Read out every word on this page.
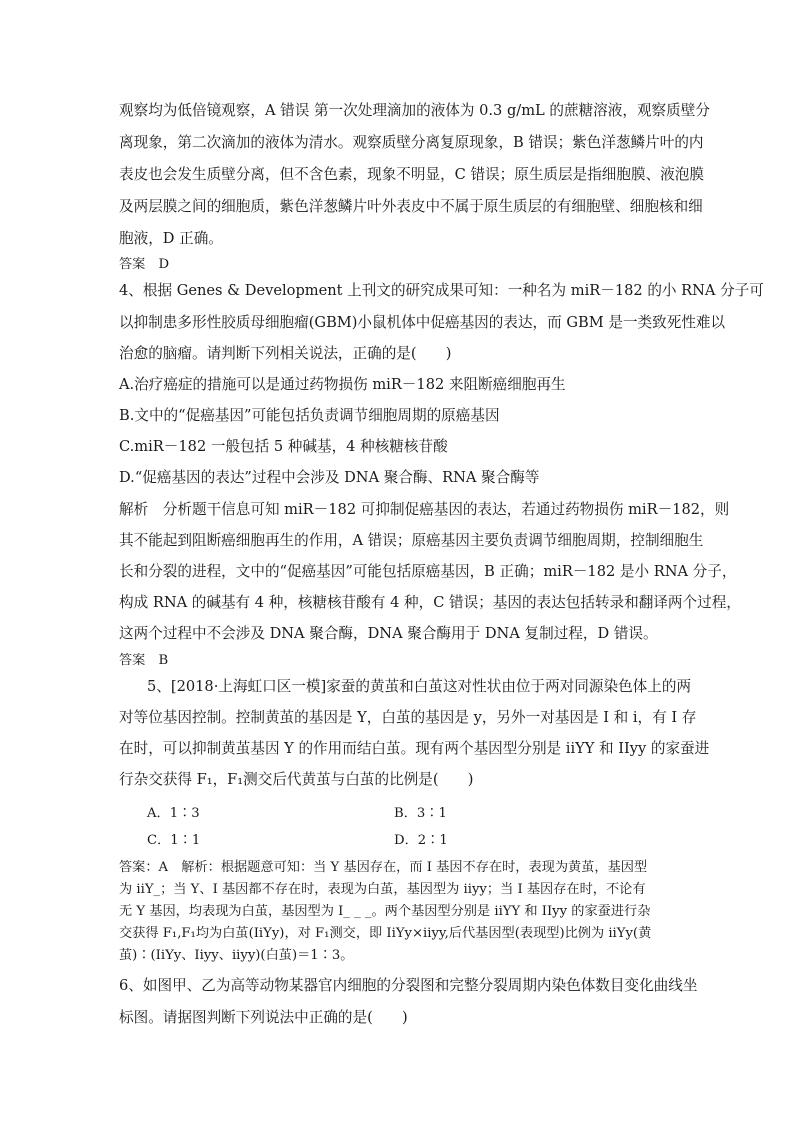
观察均为低倍镜观察，A 错误 第一次处理滴加的液体为 0.3 g/mL 的蔗糖溶液，观察质壁分
离现象，第二次滴加的液体为清水。观察质壁分离复原现象，B 错误；紫色洋葱鳞片叶的内
表皮也会发生质壁分离，但不含色素，现象不明显，C 错误；原生质层是指细胞膜、液泡膜
及两层膜之间的细胞质，紫色洋葱鳞片叶外表皮中不属于原生质层的有细胞壁、细胞核和细
胞液，D 正确。
答案　D
4、根据 Genes & Development 上刊文的研究成果可知：一种名为 miR－182 的小 RNA 分子可
以抑制患多形性胶质母细胞瘤(GBM)小鼠机体中促癌基因的表达，而 GBM 是一类致死性难以
治愈的脑瘤。请判断下列相关说法，正确的是(　　)
A.治疗癌症的措施可以是通过药物损伤 miR－182 来阻断癌细胞再生
B.文中的“促癌基因”可能包括负责调节细胞周期的原癌基因
C.miR－182 一般包括 5 种碱基，4 种核糖核苷酸
D.“促癌基因的表达”过程中会涉及 DNA 聚合酶、RNA 聚合酶等
解析　分析题干信息可知 miR－182 可抑制促癌基因的表达，若通过药物损伤 miR－182，则
其不能起到阻断癌细胞再生的作用，A 错误；原癌基因主要负责调节细胞周期，控制细胞生
长和分裂的进程，文中的“促癌基因”可能包括原癌基因，B 正确；miR－182 是小 RNA 分子，
构成 RNA 的碱基有 4 种，核糖核苷酸有 4 种，C 错误；基因的表达包括转录和翻译两个过程，
这两个过程中不会涉及 DNA 聚合酶，DNA 聚合酶用于 DNA 复制过程，D 错误。
答案　B
5、[2018·上海虹口区一模]家蚕的黄茧和白茧这对性状由位于两对同源染色体上的两
对等位基因控制。控制黄茧的基因是 Y，白茧的基因是 y，另外一对基因是 I 和 i，有 I 存
在时，可以抑制黄茧基因 Y 的作用而结白茧。现有两个基因型分别是 iiYY 和 IIyy 的家蚕进
行杂交获得 F₁，F₁测交后代黄茧与白茧的比例是(　　)
A．1∶3	B．3∶1
C．1∶1	D．2∶1
答案：A　解析：根据题意可知：当 Y 基因存在，而 I 基因不存在时，表现为黄茧，基因型
为 iiY_；当 Y、I 基因都不存在时，表现为白茧，基因型为 iiyy；当 I 基因存在时，不论有
无 Y 基因，均表现为白茧，基因型为 I_ _ _。两个基因型分别是 iiYY 和 IIyy 的家蚕进行杂
交获得 F₁,F₁均为白茧(IiYy)，对 F₁测交，即 IiYy×iiyy,后代基因型(表现型)比例为 iiYy(黄
茧)∶(IiYy、Iiyy、iiyy)(白茧)＝1∶3。
6、如图甲、乙为高等动物某器官内细胞的分裂图和完整分裂周期内染色体数目变化曲线坐
标图。请据图判断下列说法中正确的是(　　)
